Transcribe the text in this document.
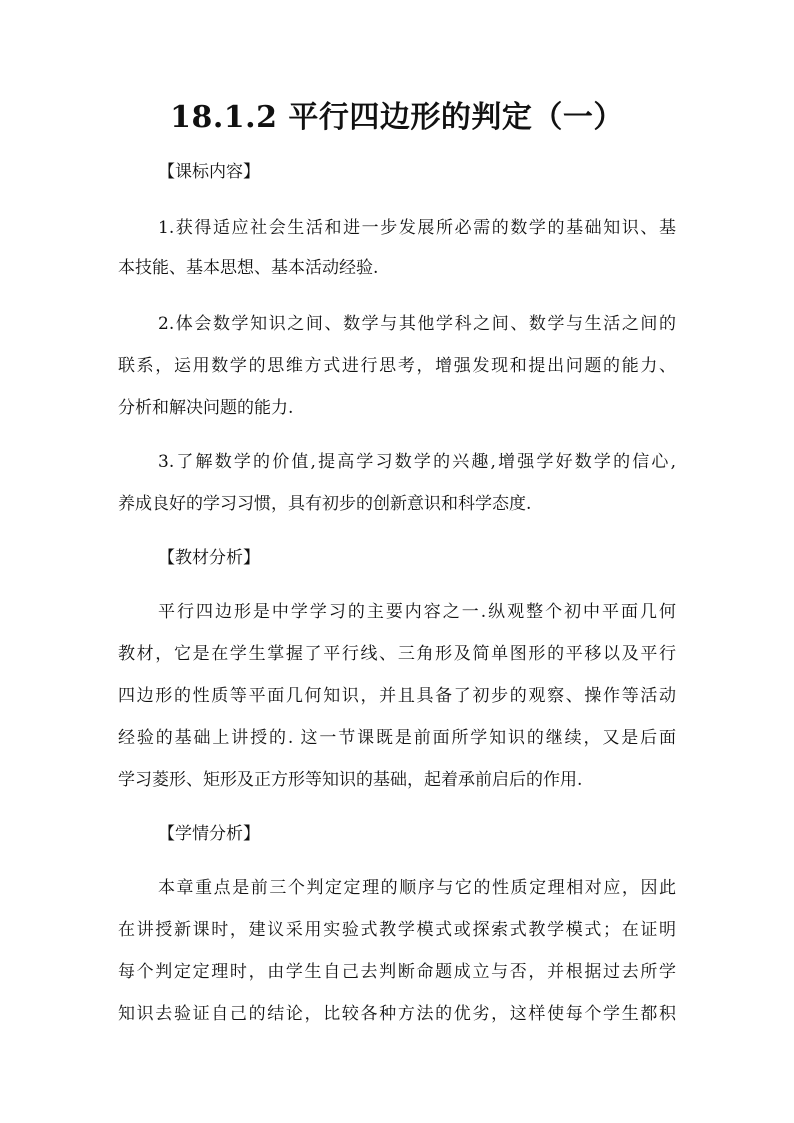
18.1.2 平行四边形的判定（一）
【课标内容】
1.获得适应社会生活和进一步发展所必需的数学的基础知识、基
本技能、基本思想、基本活动经验.
2.体会数学知识之间、数学与其他学科之间、数学与生活之间的
联系，运用数学的思维方式进行思考，增强发现和提出问题的能力、
分析和解决问题的能力.
3.了解数学的价值,提高学习数学的兴趣,增强学好数学的信心,
养成良好的学习习惯，具有初步的创新意识和科学态度.
【教材分析】
平行四边形是中学学习的主要内容之一.纵观整个初中平面几何
教材，它是在学生掌握了平行线、三角形及简单图形的平移以及平行
四边形的性质等平面几何知识，并且具备了初步的观察、操作等活动
经验的基础上讲授的. 这一节课既是前面所学知识的继续，又是后面
学习菱形、矩形及正方形等知识的基础，起着承前启后的作用.
【学情分析】
本章重点是前三个判定定理的顺序与它的性质定理相对应，因此
在讲授新课时，建议采用实验式教学模式或探索式教学模式；在证明
每个判定定理时，由学生自己去判断命题成立与否，并根据过去所学
知识去验证自己的结论，比较各种方法的优劣，这样使每个学生都积
